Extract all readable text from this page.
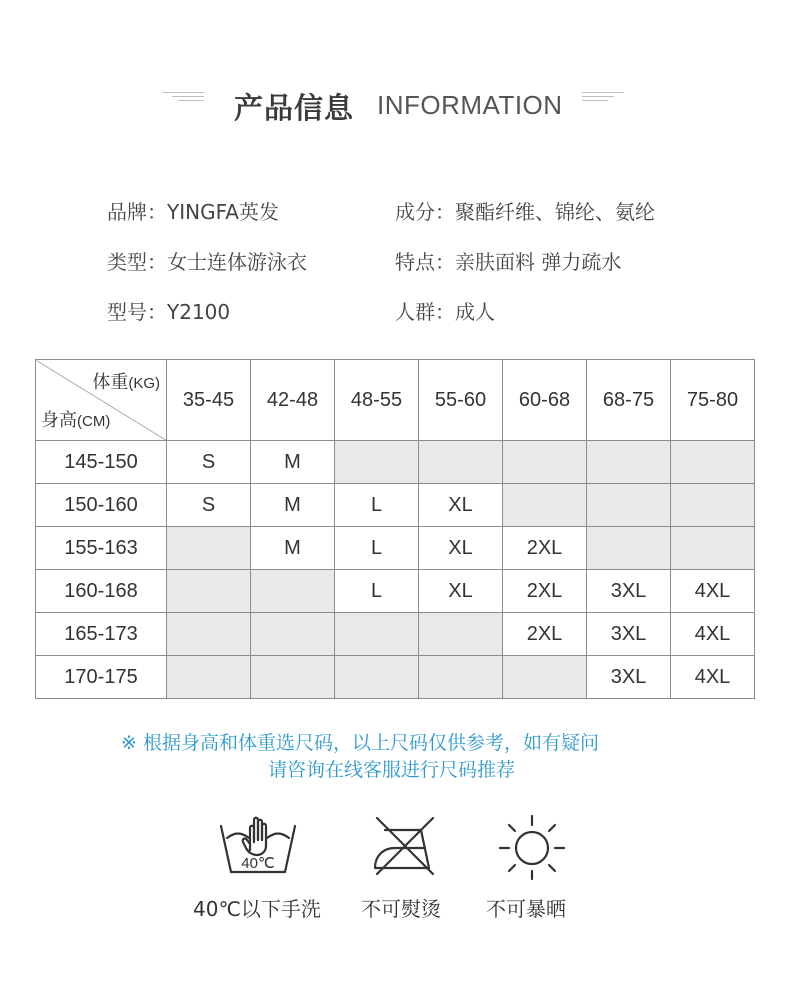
产品信息 INFORMATION
品牌：YINGFA英发	成分：聚酯纤维、锦纶、氨纶
类型：女士连体游泳衣	特点：亲肤面料 弹力疏水
型号：Y2100	人群：成人
体重(KG)
身高(CM)	35-45	42-48	48-55	55-60	60-68	68-75	75-80
145-150	S	M					
150-160	S	M	L	XL			
155-163		M	L	XL	2XL		
160-168			L	XL	2XL	3XL	4XL
165-173					2XL	3XL	4XL
170-175						3XL	4XL
※ 根据身高和体重选尺码，以上尺码仅供参考，如有疑问
请咨询在线客服进行尺码推荐
40℃
40℃以下手洗 不可熨烫 不可暴晒
